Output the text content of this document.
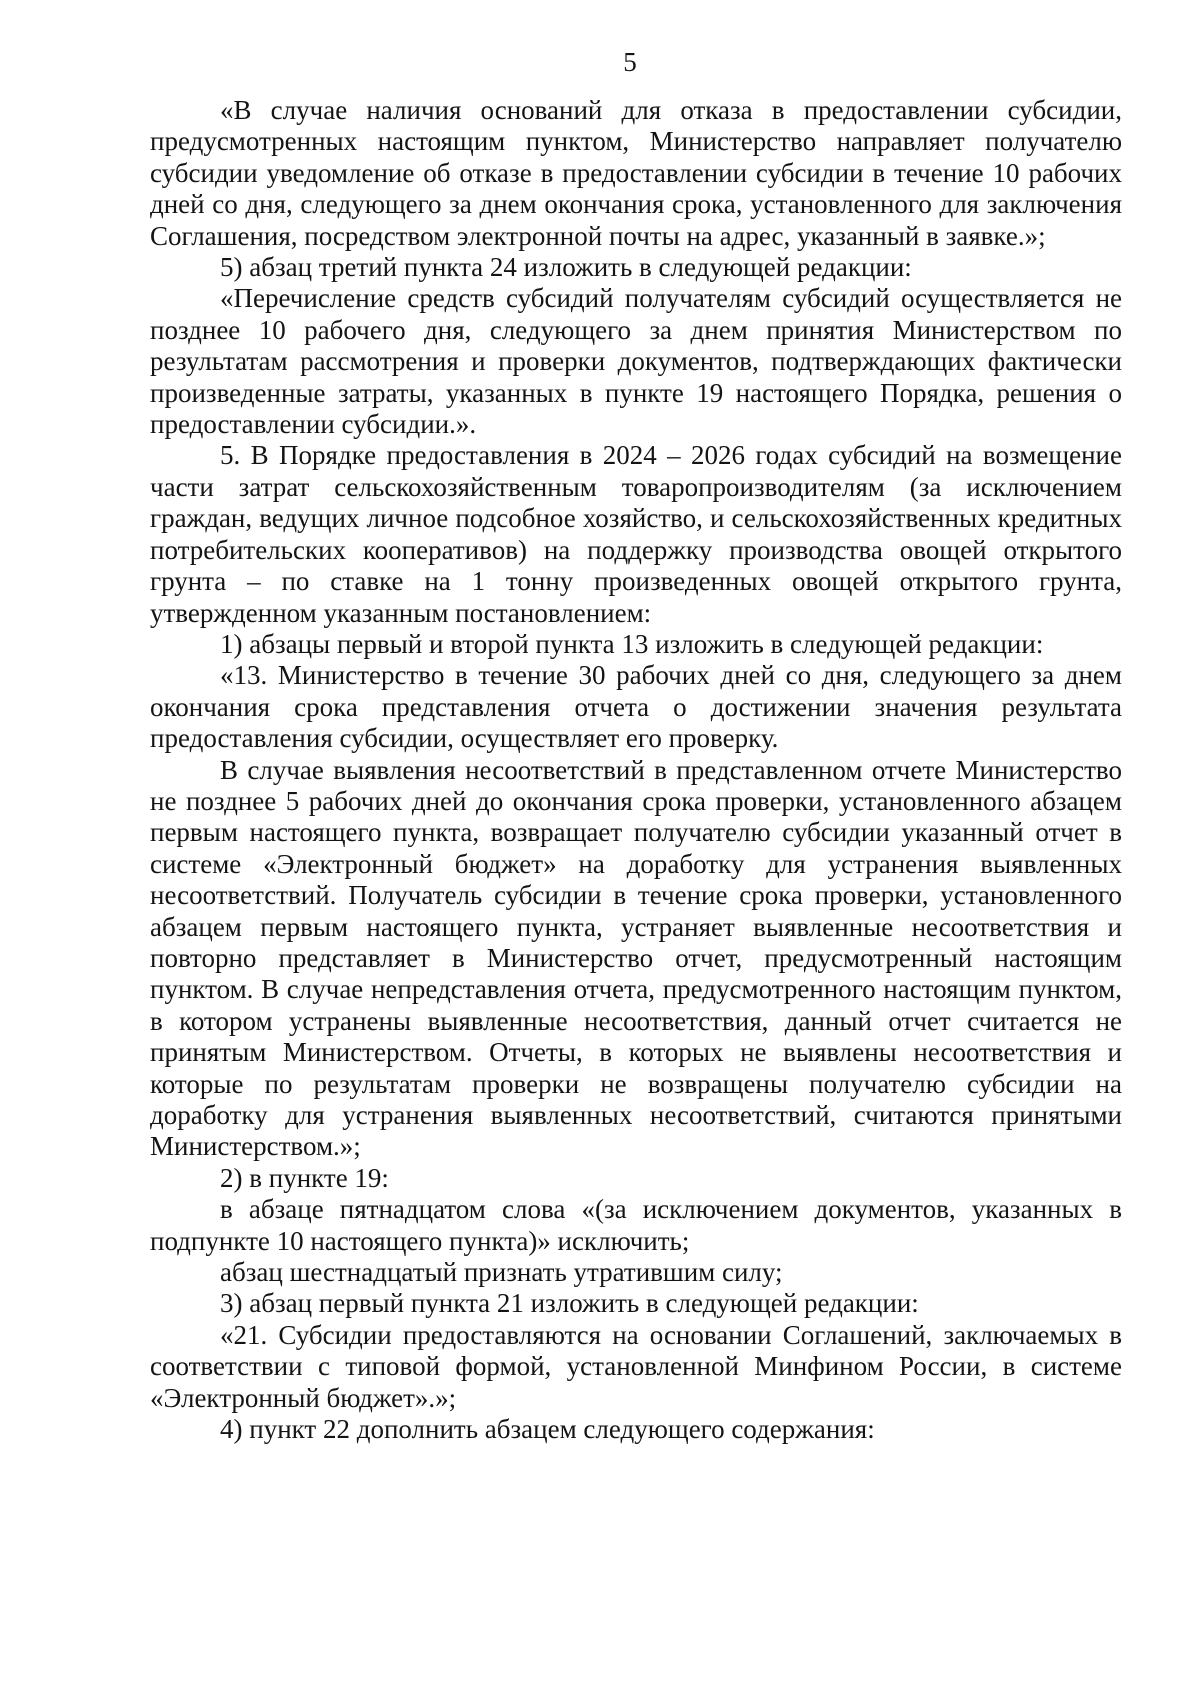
5

«В случае наличия оснований для отказа в предоставлении субсидии, предусмотренных настоящим пунктом, Министерство направляет получателю субсидии уведомление об отказе в предоставлении субсидии в течение 10 рабочих дней со дня, следующего за днем окончания срока, установленного для заключения Соглашения, посредством электронной почты на адрес, указанный в заявке.»;

5) абзац третий пункта 24 изложить в следующей редакции:

«Перечисление средств субсидий получателям субсидий осуществляется не позднее 10 рабочего дня, следующего за днем принятия Министерством по результатам рассмотрения и проверки документов, подтверждающих фактически произведенные затраты, указанных в пункте 19 настоящего Порядка, решения о предоставлении субсидии.».

5. В Порядке предоставления в 2024 – 2026 годах субсидий на возмещение части затрат сельскохозяйственным товаропроизводителям (за исключением граждан, ведущих личное подсобное хозяйство, и сельскохозяйственных кредитных потребительских кооперативов) на поддержку производства овощей открытого грунта – по ставке на 1 тонну произведенных овощей открытого грунта, утвержденном указанным постановлением:

1) абзацы первый и второй пункта 13 изложить в следующей редакции:

«13. Министерство в течение 30 рабочих дней со дня, следующего за днем окончания срока представления отчета о достижении значения результата предоставления субсидии, осуществляет его проверку.

В случае выявления несоответствий в представленном отчете Министерство не позднее 5 рабочих дней до окончания срока проверки, установленного абзацем первым настоящего пункта, возвращает получателю субсидии указанный отчет в системе «Электронный бюджет» на доработку для устранения выявленных несоответствий. Получатель субсидии в течение срока проверки, установленного абзацем первым настоящего пункта, устраняет выявленные несоответствия и повторно представляет в Министерство отчет, предусмотренный настоящим пунктом. В случае непредставления отчета, предусмотренного настоящим пунктом, в котором устранены выявленные несоответствия, данный отчет считается не принятым Министерством. Отчеты, в которых не выявлены несоответствия и которые по результатам проверки не возвращены получателю субсидии на доработку для устранения выявленных несоответствий, считаются принятыми Министерством.»;

2) в пункте 19:

в абзаце пятнадцатом слова «(за исключением документов, указанных в подпункте 10 настоящего пункта)» исключить;

абзац шестнадцатый признать утратившим силу;

3) абзац первый пункта 21 изложить в следующей редакции:

«21. Субсидии предоставляются на основании Соглашений, заключаемых в соответствии с типовой формой, установленной Минфином России, в системе «Электронный бюджет».»;

4) пункт 22 дополнить абзацем следующего содержания:
